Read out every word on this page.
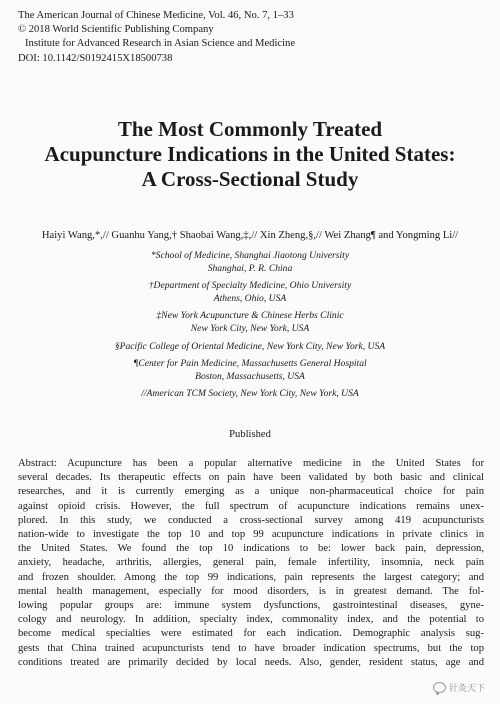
The American Journal of Chinese Medicine, Vol. 46, No. 7, 1–33
© 2018 World Scientific Publishing Company
Institute for Advanced Research in Asian Science and Medicine
DOI: 10.1142/S0192415X18500738
The Most Commonly Treated
Acupuncture Indications in the United States:
A Cross-Sectional Study
Haiyi Wang,*,// Guanhu Yang,† Shaobai Wang,‡,// Xin Zheng,§,// Wei Zhang¶ and Yongming Li//
*School of Medicine, Shanghai Jiaotong University
Shanghai, P. R. China
†Department of Specialty Medicine, Ohio University
Athens, Ohio, USA
‡New York Acupuncture & Chinese Herbs Clinic
New York City, New York, USA
§Pacific College of Oriental Medicine, New York City, New York, USA
¶Center for Pain Medicine, Massachusetts General Hospital
Boston, Massachusetts, USA
//American TCM Society, New York City, New York, USA
Published
Abstract: Acupuncture has been a popular alternative medicine in the United States for
several decades. Its therapeutic effects on pain have been validated by both basic and clinical
researches, and it is currently emerging as a unique non-pharmaceutical choice for pain
against opioid crisis. However, the full spectrum of acupuncture indications remains unex-
plored. In this study, we conducted a cross-sectional survey among 419 acupuncturists
nation-wide to investigate the top 10 and top 99 acupuncture indications in private clinics in
the United States. We found the top 10 indications to be: lower back pain, depression,
anxiety, headache, arthritis, allergies, general pain, female infertility, insomnia, neck pain
and frozen shoulder. Among the top 99 indications, pain represents the largest category; and
mental health management, especially for mood disorders, is in greatest demand. The fol-
lowing popular groups are: immune system dysfunctions, gastrointestinal diseases, gyne-
cology and neurology. In addition, specialty index, commonality index, and the potential to
become medical specialties were estimated for each indication. Demographic analysis sug-
gests that China trained acupuncturists tend to have broader indication spectrums, but the top
conditions treated are primarily decided by local needs. Also, gender, resident status, age and
针灸天下
